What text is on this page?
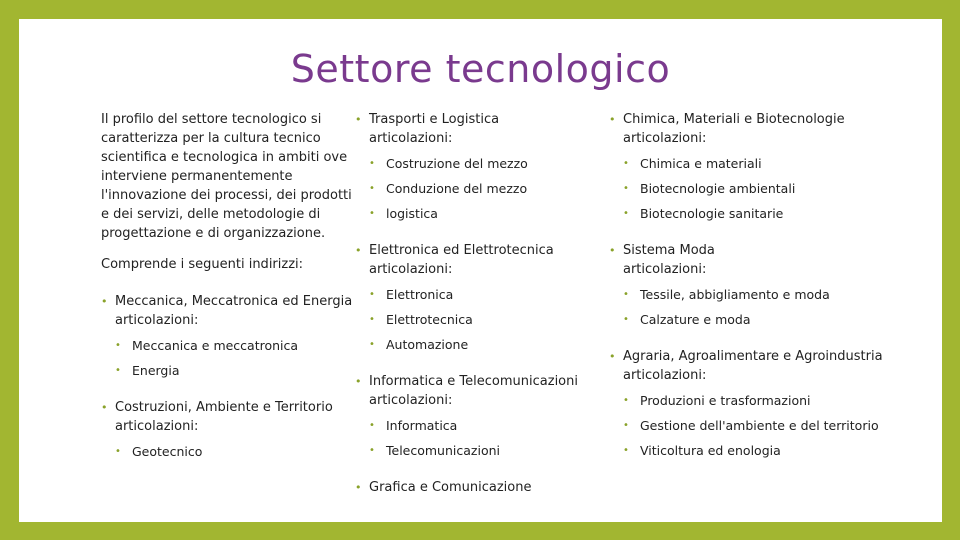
Settore tecnologico

Il profilo del settore tecnologico si caratterizza per la cultura tecnico scientifica e tecnologica in ambiti ove interviene permanentemente l'innovazione dei processi, dei prodotti e dei servizi, delle metodologie di progettazione e di organizzazione.

Comprende i seguenti indirizzi:

• Meccanica, Meccatronica ed Energia
articolazioni:
• Meccanica e meccatronica
• Energia
• Costruzioni, Ambiente e Territorio
articolazioni:
• Geotecnico
• Trasporti e Logistica
articolazioni:
• Costruzione del mezzo
• Conduzione del mezzo
• logistica
• Elettronica ed Elettrotecnica
articolazioni:
• Elettronica
• Elettrotecnica
• Automazione
• Informatica e Telecomunicazioni
articolazioni:
• Informatica
• Telecomunicazioni
• Grafica e Comunicazione
• Chimica, Materiali e Biotecnologie
articolazioni:
• Chimica e materiali
• Biotecnologie ambientali
• Biotecnologie sanitarie
• Sistema Moda
articolazioni:
• Tessile, abbigliamento e moda
• Calzature e moda
• Agraria, Agroalimentare e Agroindustria
articolazioni:
• Produzioni e trasformazioni
• Gestione dell'ambiente e del territorio
• Viticoltura ed enologia
